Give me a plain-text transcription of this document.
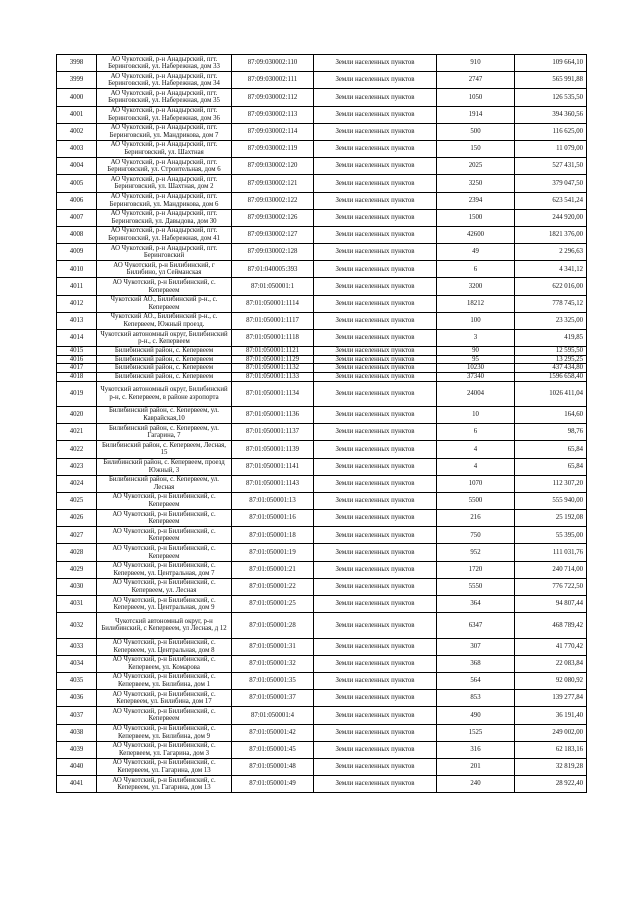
3998	АО Чукотский, р-н Анадырский, пгт. Беринговский, ул. Набережная, дом 33	87:09:030002:110	Земли населенных пунктов	910	109 664,10
3999	АО Чукотский, р-н Анадырский, пгт. Беринговский, ул. Набережная, дом 34	87:09:030002:111	Земли населенных пунктов	2747	565 991,88
4000	АО Чукотский, р-н Анадырский, пгт. Беринговский, ул. Набережная, дом 35	87:09:030002:112	Земли населенных пунктов	1050	126 535,50
4001	АО Чукотский, р-н Анадырский, пгт. Беринговский, ул. Набережная, дом 36	87:09:030002:113	Земли населенных пунктов	1914	394 360,56
4002	АО Чукотский, р-н Анадырский, пгт. Беринговский, ул. Мандрикова, дом 7	87:09:030002:114	Земли населенных пунктов	500	116 625,00
4003	АО Чукотский, р-н Анадырский, пгт. Беринговский, ул. Шахтная	87:09:030002:119	Земли населенных пунктов	150	11 079,00
4004	АО Чукотский, р-н Анадырский, пгт. Беринговский, ул. Строительная, дом 6	87:09:030002:120	Земли населенных пунктов	2025	527 431,50
4005	АО Чукотский, р-н Анадырский, пгт. Беринговский, ул. Шахтная, дом 2	87:09:030002:121	Земли населенных пунктов	3250	379 047,50
4006	АО Чукотский, р-н Анадырский, пгт. Беринговский, ул. Мандрикова, дом 6	87:09:030002:122	Земли населенных пунктов	2394	623 541,24
4007	АО Чукотский, р-н Анадырский, пгт. Беринговский, ул. Давыдова, дом 30	87:09:030002:126	Земли населенных пунктов	1500	244 920,00
4008	АО Чукотский, р-н Анадырский, пгт. Беринговский, ул. Набережная, дом 41	87:09:030002:127	Земли населенных пунктов	42600	1821 376,00
4009	АО Чукотский, р-н Анадырский, пгт. Беринговский	87:09:030002:128	Земли населенных пунктов	49	2 296,63
4010	АО Чукотский, р-н Билибинский, г Билибино, ул Сейманская	87:01:040005:393	Земли населенных пунктов	6	4 341,12
4011	АО Чукотский, р-н Билибинский, с. Кепервеем	87:01:050001:1	Земли населенных пунктов	3200	622 016,00
4012	Чукотский АО., Билибинский р-н., с. Кепервеем	87:01:050001:1114	Земли населенных пунктов	18212	778 745,12
4013	Чукотский АО., Билибинский р-н., с. Кепервеем, Южный проезд.	87:01:050001:1117	Земли населенных пунктов	100	23 325,00
4014	Чукотский автономный округ, Билибинский р-н., с. Кепервеем	87:01:050001:1118	Земли населенных пунктов	3	419,85
4015	Билибинский район, с. Кепервеем	87:01:050001:1121	Земли населенных пунктов	90	12 595,50
4016	Билибинский район, с. Кепервеем	87:01:050001:1129	Земли населенных пунктов	95	13 295,25
4017	Билибинский район, с. Кепервеем	87:01:050001:1132	Земли населенных пунктов	10230	437 434,80
4018	Билибинский район, с. Кепервеем	87:01:050001:1133	Земли населенных пунктов	37340	1596 658,40
4019	Чукотский автономный округ, Билибинский р-н, с. Кепервеем, в районе аэропорта	87:01:050001:1134	Земли населенных пунктов	24004	1026 411,04
4020	Билибинский район, с. Кепервеем, ул. Каврайская,10	87:01:050001:1136	Земли населенных пунктов	10	164,60
4021	Билибинский район, с. Кепервеем, ул. Гагарина, 7	87:01:050001:1137	Земли населенных пунктов	6	98,76
4022	Билибинский район, с. Кепервеем, Лесная, 15	87:01:050001:1139	Земли населенных пунктов	4	65,84
4023	Билибинский район, с. Кепервеем, проезд Южный, 3	87:01:050001:1141	Земли населенных пунктов	4	65,84
4024	Билибинский район, с. Кепервеем, ул. Лесная	87:01:050001:1143	Земли населенных пунктов	1070	112 307,20
4025	АО Чукотский, р-н Билибинский, с. Кепервеем	87:01:050001:13	Земли населенных пунктов	5500	555 940,00
4026	АО Чукотский, р-н Билибинский, с. Кепервеем	87:01:050001:16	Земли населенных пунктов	216	25 192,08
4027	АО Чукотский, р-н Билибинский, с. Кепервеем	87:01:050001:18	Земли населенных пунктов	750	55 395,00
4028	АО Чукотский, р-н Билибинский, с. Кепервеем	87:01:050001:19	Земли населенных пунктов	952	111 031,76
4029	АО Чукотский, р-н Билибинский, с. Кепервеем, ул. Центральная, дом 7	87:01:050001:21	Земли населенных пунктов	1720	240 714,00
4030	АО Чукотский, р-н Билибинский, с. Кепервеем, ул. Лесная	87:01:050001:22	Земли населенных пунктов	5550	776 722,50
4031	АО Чукотский, р-н Билибинский, с. Кепервеем, ул. Центральная, дом 9	87:01:050001:25	Земли населенных пунктов	364	94 807,44
4032	Чукотский автономный округ, р-н Билибинский, с Кепервеем, ул Лесная, д 12	87:01:050001:28	Земли населенных пунктов	6347	468 789,42
4033	АО Чукотский, р-н Билибинский, с. Кепервеем, ул. Центральная, дом 8	87:01:050001:31	Земли населенных пунктов	307	41 770,42
4034	АО Чукотский, р-н Билибинский, с. Кепервеем, ул. Комарова	87:01:050001:32	Земли населенных пунктов	368	22 083,84
4035	АО Чукотский, р-н Билибинский, с. Кепервеем, ул. Билибина, дом 1	87:01:050001:35	Земли населенных пунктов	564	92 080,92
4036	АО Чукотский, р-н Билибинский, с. Кепервеем, ул. Билибина, дом 17	87:01:050001:37	Земли населенных пунктов	853	139 277,84
4037	АО Чукотский, р-н Билибинский, с. Кепервеем	87:01:050001:4	Земли населенных пунктов	490	36 191,40
4038	АО Чукотский, р-н Билибинский, с. Кепервеем, ул. Билибина, дом 9	87:01:050001:42	Земли населенных пунктов	1525	249 002,00
4039	АО Чукотский, р-н Билибинский, с. Кепервеем, ул. Гагарина, дом 3	87:01:050001:45	Земли населенных пунктов	316	62 183,16
4040	АО Чукотский, р-н Билибинский, с. Кепервеем, ул. Гагарина, дом 13	87:01:050001:48	Земли населенных пунктов	201	32 819,28
4041	АО Чукотский, р-н Билибинский, с. Кепервеем, ул. Гагарина, дом 13	87:01:050001:49	Земли населенных пунктов	240	28 922,40
